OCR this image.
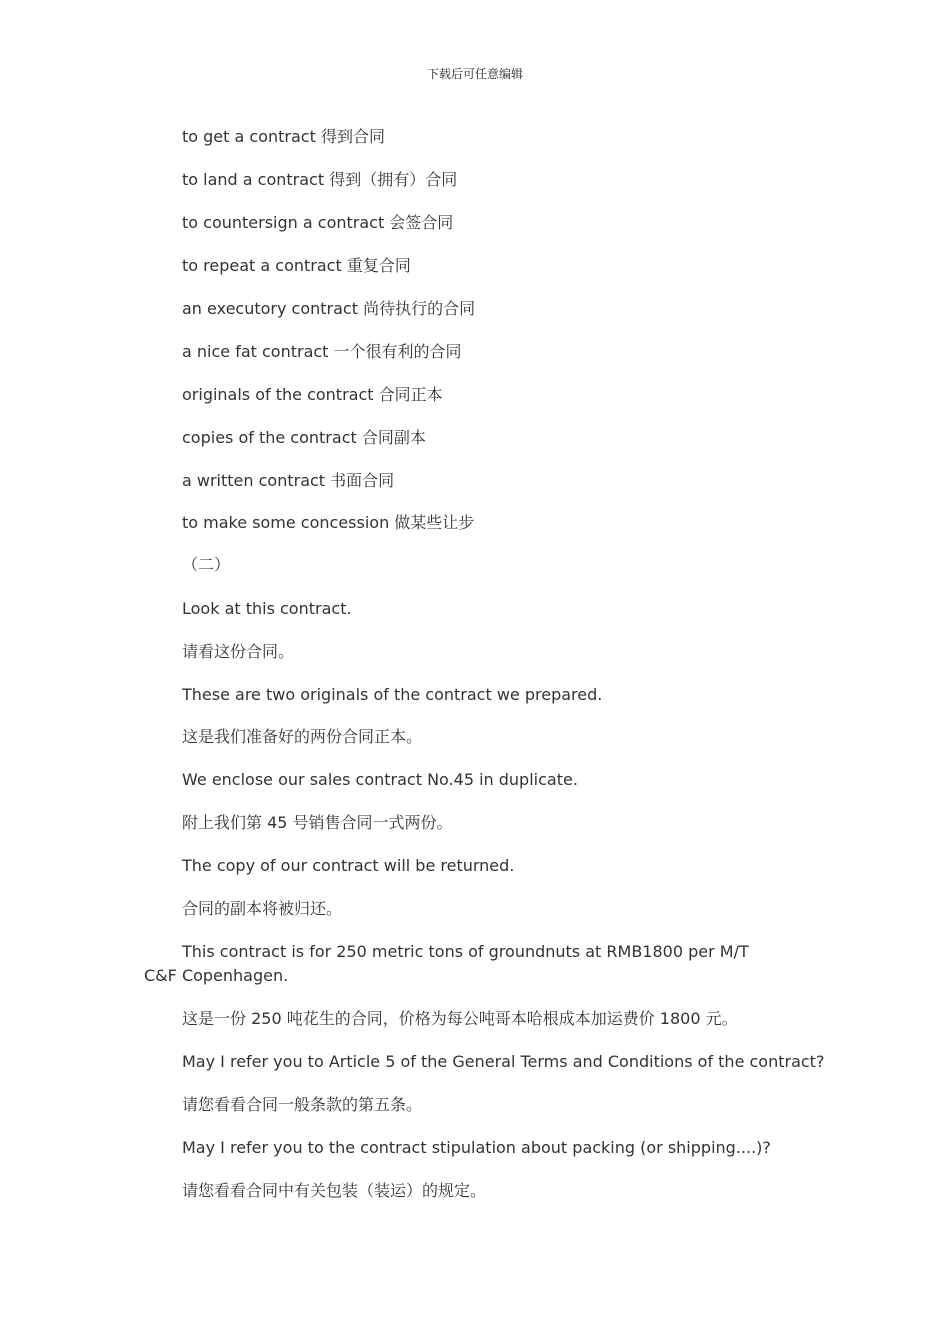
下载后可任意编辑
to get a contract 得到合同
to land a contract 得到（拥有）合同
to countersign a contract 会签合同
to repeat a contract 重复合同
an executory contract 尚待执行的合同
a nice fat contract 一个很有利的合同
originals of the contract 合同正本
copies of the contract 合同副本
a written contract 书面合同
to make some concession 做某些让步
（二）
Look at this contract.
请看这份合同。
These are two originals of the contract we prepared.
这是我们准备好的两份合同正本。
We enclose our sales contract No.45 in duplicate.
附上我们第 45 号销售合同一式两份。
The copy of our contract will be returned.
合同的副本将被归还。
This contract is for 250 metric tons of groundnuts at RMB1800 per M/T C&F Copenhagen.
这是一份 250 吨花生的合同，价格为每公吨哥本哈根成本加运费价 1800 元。
May I refer you to Article 5 of the General Terms and Conditions of the contract?
请您看看合同一般条款的第五条。
May I refer you to the contract stipulation about packing (or shipping....)?
请您看看合同中有关包装（装运）的规定。
